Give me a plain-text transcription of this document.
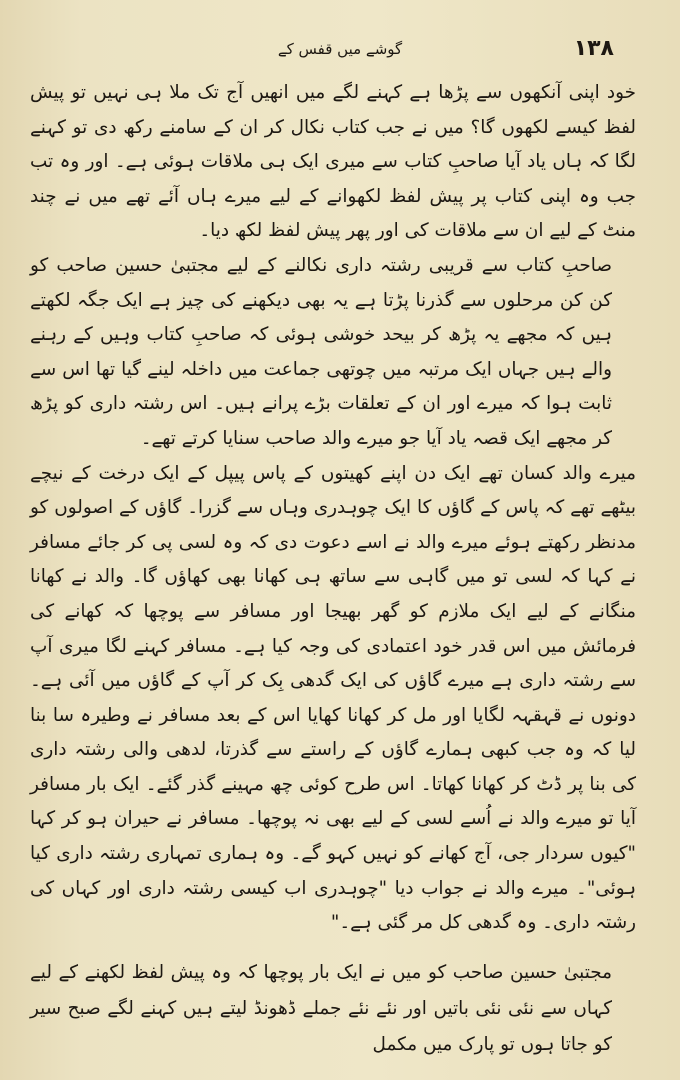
۱۳۸
گوشے میں قفس کے

خود اپنی آنکھوں سے پڑھا ہے کہنے لگے میں انھیں آج تک ملا ہی نہیں تو پیش لفظ کیسے لکھوں گا؟ میں نے جب کتاب نکال کر ان کے سامنے رکھ دی تو کہنے لگا کہ ہاں یاد آیا صاحبِ کتاب سے میری ایک ہی ملاقات ہوئی ہے۔ اور وہ تب جب وہ اپنی کتاب پر پیش لفظ لکھوانے کے لیے میرے ہاں آئے تھے میں نے چند منٹ کے لیے ان سے ملاقات کی اور پھر پیش لفظ لکھ دیا۔

صاحبِ کتاب سے قریبی رشتہ داری نکالنے کے لیے مجتبیٰ حسین صاحب کو کن کن مرحلوں سے گذرنا پڑتا ہے یہ بھی دیکھنے کی چیز ہے ایک جگہ لکھتے ہیں کہ مجھے یہ پڑھ کر بیحد خوشی ہوئی کہ صاحبِ کتاب وہیں کے رہنے والے ہیں جہاں ایک مرتبہ میں چوتھی جماعت میں داخلہ لینے گیا تھا اس سے ثابت ہوا کہ میرے اور ان کے تعلقات بڑے پرانے ہیں۔ اس رشتہ داری کو پڑھ کر مجھے ایک قصہ یاد آیا جو میرے والد صاحب سنایا کرتے تھے۔

میرے والد کسان تھے ایک دن اپنے کھیتوں کے پاس پیپل کے ایک درخت کے نیچے بیٹھے تھے کہ پاس کے گاؤں کا ایک چوہدری وہاں سے گزرا۔ گاؤں کے اصولوں کو مدنظر رکھتے ہوئے میرے والد نے اسے دعوت دی کہ وہ لسی پی کر جائے مسافر نے کہا کہ لسی تو میں گاہی سے ساتھ ہی کھانا بھی کھاؤں گا۔ والد نے کھانا منگانے کے لیے ایک ملازم کو گھر بھیجا اور مسافر سے پوچھا کہ کھانے کی فرمائش میں اس قدر خود اعتمادی کی وجہ کیا ہے۔ مسافر کہنے لگا میری آپ سے رشتہ داری ہے میرے گاؤں کی ایک گدھی بِک کر آپ کے گاؤں میں آئی ہے۔ دونوں نے قہقہہ لگایا اور مل کر کھانا کھایا اس کے بعد مسافر نے وطیرہ سا بنا لیا کہ وہ جب کبھی ہمارے گاؤں کے راستے سے گذرتا، لدھی والی رشتہ داری کی بنا پر ڈٹ کر کھانا کھاتا۔ اس طرح کوئی چھ مہینے گذر گئے۔ ایک بار مسافر آیا تو میرے والد نے اُسے لسی کے لیے بھی نہ پوچھا۔ مسافر نے حیران ہو کر کہا "کیوں سردار جی، آج کھانے کو نہیں کہو گے۔ وہ ہماری تمہاری رشتہ داری کیا ہوئی"۔ میرے والد نے جواب دیا "چوہدری اب کیسی رشتہ داری اور کہاں کی رشتہ داری۔ وہ گدھی کل مر گئی ہے۔"

مجتبیٰ حسین صاحب کو میں نے ایک بار پوچھا کہ وہ پیش لفظ لکھنے کے لیے کہاں سے نئی نئی باتیں اور نئے نئے جملے ڈھونڈ لیتے ہیں کہنے لگے صبح سیر کو جاتا ہوں تو پارک میں مکمل
